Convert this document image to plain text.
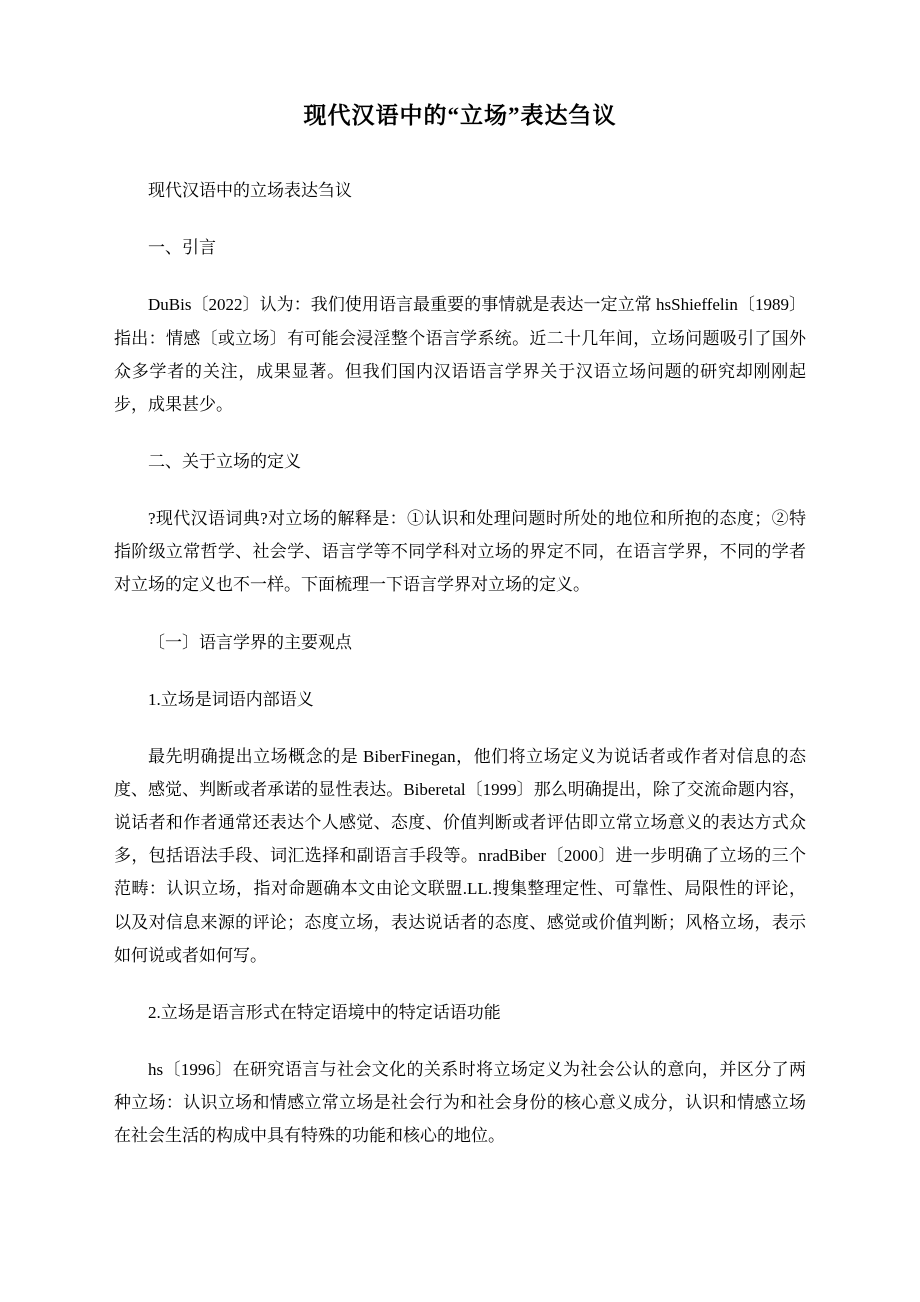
现代汉语中的“立场”表达刍议

现代汉语中的立场表达刍议

一、引言

DuBis〔2022〕认为：我们使用语言最重要的事情就是表达一定立常 hsShieffelin〔1989〕指出：情感〔或立场〕有可能会浸淫整个语言学系统。近二十几年间，立场问题吸引了国外众多学者的关注，成果显著。但我们国内汉语语言学界关于汉语立场问题的研究却刚刚起步，成果甚少。

二、关于立场的定义

?现代汉语词典?对立场的解释是：①认识和处理问题时所处的地位和所抱的态度；②特指阶级立常哲学、社会学、语言学等不同学科对立场的界定不同，在语言学界，不同的学者对立场的定义也不一样。下面梳理一下语言学界对立场的定义。

〔一〕语言学界的主要观点

1.立场是词语内部语义

最先明确提出立场概念的是 BiberFinegan，他们将立场定义为说话者或作者对信息的态度、感觉、判断或者承诺的显性表达。Biberetal〔1999〕那么明确提出，除了交流命题内容，说话者和作者通常还表达个人感觉、态度、价值判断或者评估即立常立场意义的表达方式众多，包括语法手段、词汇选择和副语言手段等。nradBiber〔2000〕进一步明确了立场的三个范畴：认识立场，指对命题确本文由论文联盟.LL.搜集整理定性、可靠性、局限性的评论，以及对信息来源的评论；态度立场，表达说话者的态度、感觉或价值判断；风格立场，表示如何说或者如何写。

2.立场是语言形式在特定语境中的特定话语功能

hs〔1996〕在研究语言与社会文化的关系时将立场定义为社会公认的意向，并区分了两种立场：认识立场和情感立常立场是社会行为和社会身份的核心意义成分，认识和情感立场在社会生活的构成中具有特殊的功能和核心的地位。
